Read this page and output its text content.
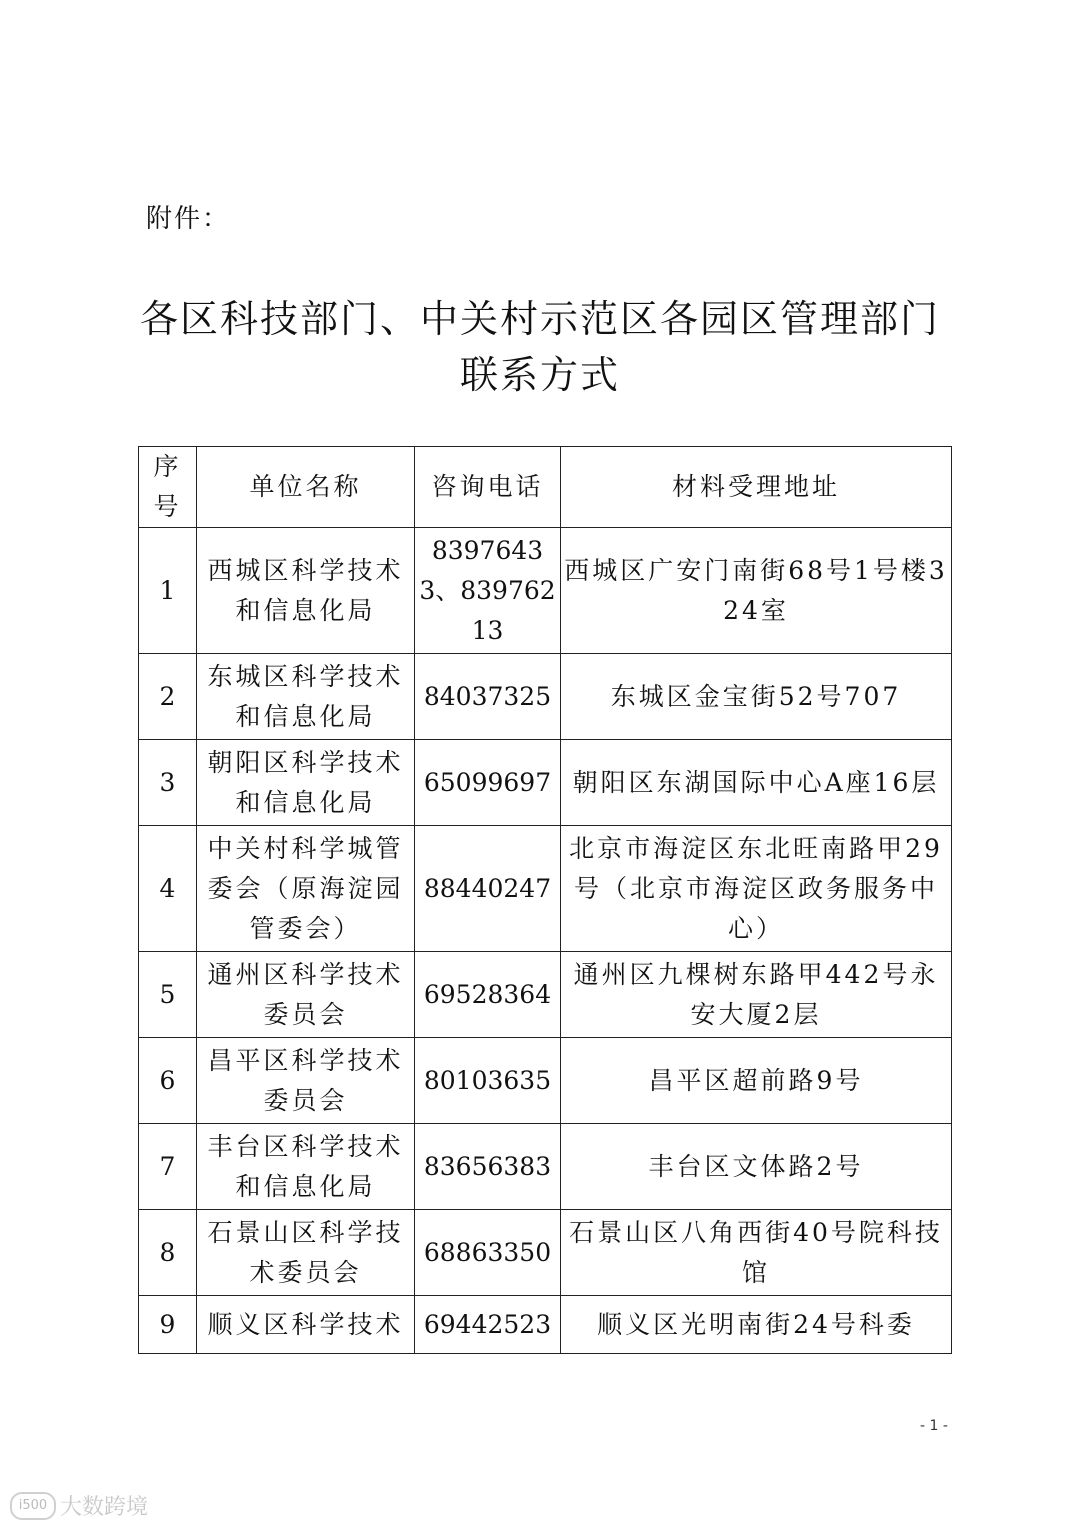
附件：
各区科技部门、中关村示范区各园区管理部门
联系方式
序号	单位名称	咨询电话	材料受理地址
1	西城区科学技术和信息化局	83976433、83976213	西城区广安门南街68号1号楼324室
2	东城区科学技术和信息化局	84037325	东城区金宝街52号707
3	朝阳区科学技术和信息化局	65099697	朝阳区东湖国际中心A座16层
4	中关村科学城管委会（原海淀园管委会）	88440247	北京市海淀区东北旺南路甲29号（北京市海淀区政务服务中心）
5	通州区科学技术委员会	69528364	通州区九棵树东路甲442号永安大厦2层
6	昌平区科学技术委员会	80103635	昌平区超前路9号
7	丰台区科学技术和信息化局	83656383	丰台区文体路2号
8	石景山区科学技术委员会	68863350	石景山区八角西街40号院科技馆
9	顺义区科学技术	69442523	顺义区光明南街24号科委
- 1 -
i500 大数跨境
